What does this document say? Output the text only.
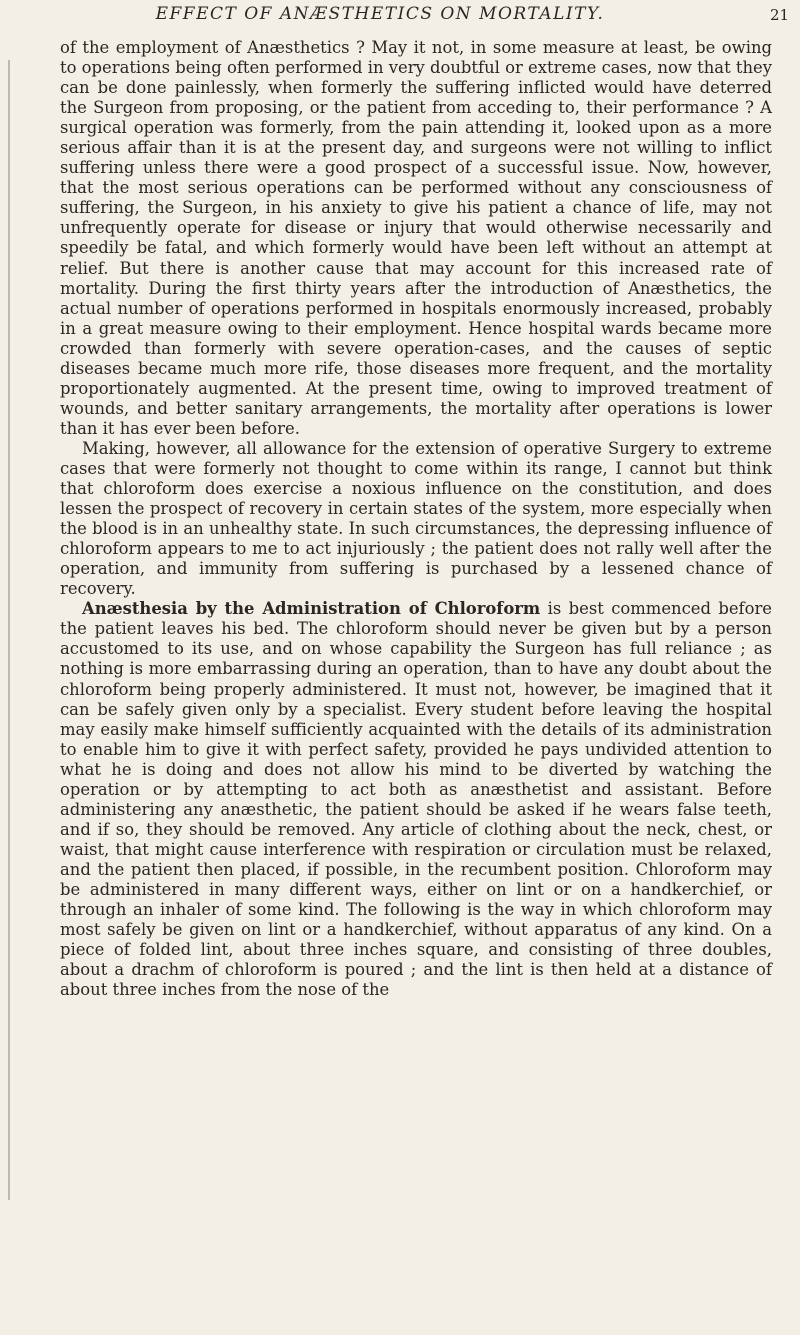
EFFECT OF ANÆSTHETICS ON MORTALITY.	21

of the employment of Anæsthetics ? May it not, in some measure at least, be owing to operations being often performed in very doubtful or extreme cases, now that they can be done painlessly, when formerly the suffering inflicted would have deterred the Surgeon from proposing, or the patient from acceding to, their performance ? A surgical operation was formerly, from the pain attending it, looked upon as a more serious affair than it is at the present day, and surgeons were not willing to inflict suffering unless there were a good prospect of a successful issue. Now, however, that the most serious operations can be performed without any consciousness of suffering, the Surgeon, in his anxiety to give his patient a chance of life, may not unfrequently operate for disease or injury that would otherwise necessarily and speedily be fatal, and which formerly would have been left without an attempt at relief. But there is another cause that may account for this increased rate of mortality. During the first thirty years after the introduction of Anæsthetics, the actual number of operations performed in hospitals enormously increased, probably in a great measure owing to their employment. Hence hospital wards became more crowded than formerly with severe operation-cases, and the causes of septic diseases became much more rife, those diseases more frequent, and the mortality proportionately augmented. At the present time, owing to improved treatment of wounds, and better sanitary arrangements, the mortality after operations is lower than it has ever been before.

Making, however, all allowance for the extension of operative Surgery to extreme cases that were formerly not thought to come within its range, I cannot but think that chloroform does exercise a noxious influence on the constitution, and does lessen the prospect of recovery in certain states of the system, more especially when the blood is in an unhealthy state. In such circumstances, the depressing influence of chloroform appears to me to act injuriously ; the patient does not rally well after the operation, and immunity from suffering is purchased by a lessened chance of recovery.

Anæsthesia by the Administration of Chloroform is best commenced before the patient leaves his bed. The chloroform should never be given but by a person accustomed to its use, and on whose capability the Surgeon has full reliance ; as nothing is more embarrassing during an operation, than to have any doubt about the chloroform being properly administered. It must not, however, be imagined that it can be safely given only by a specialist. Every student before leaving the hospital may easily make himself sufficiently acquainted with the details of its administration to enable him to give it with perfect safety, provided he pays undivided attention to what he is doing and does not allow his mind to be diverted by watching the operation or by attempting to act both as anæsthetist and assistant. Before administering any anæsthetic, the patient should be asked if he wears false teeth, and if so, they should be removed. Any article of clothing about the neck, chest, or waist, that might cause interference with respiration or circulation must be relaxed, and the patient then placed, if possible, in the recumbent position. Chloroform may be administered in many different ways, either on lint or on a handkerchief, or through an inhaler of some kind. The following is the way in which chloroform may most safely be given on lint or a handkerchief, without apparatus of any kind. On a piece of folded lint, about three inches square, and consisting of three doubles, about a drachm of chloroform is poured ; and the lint is then held at a distance of about three inches from the nose of the
